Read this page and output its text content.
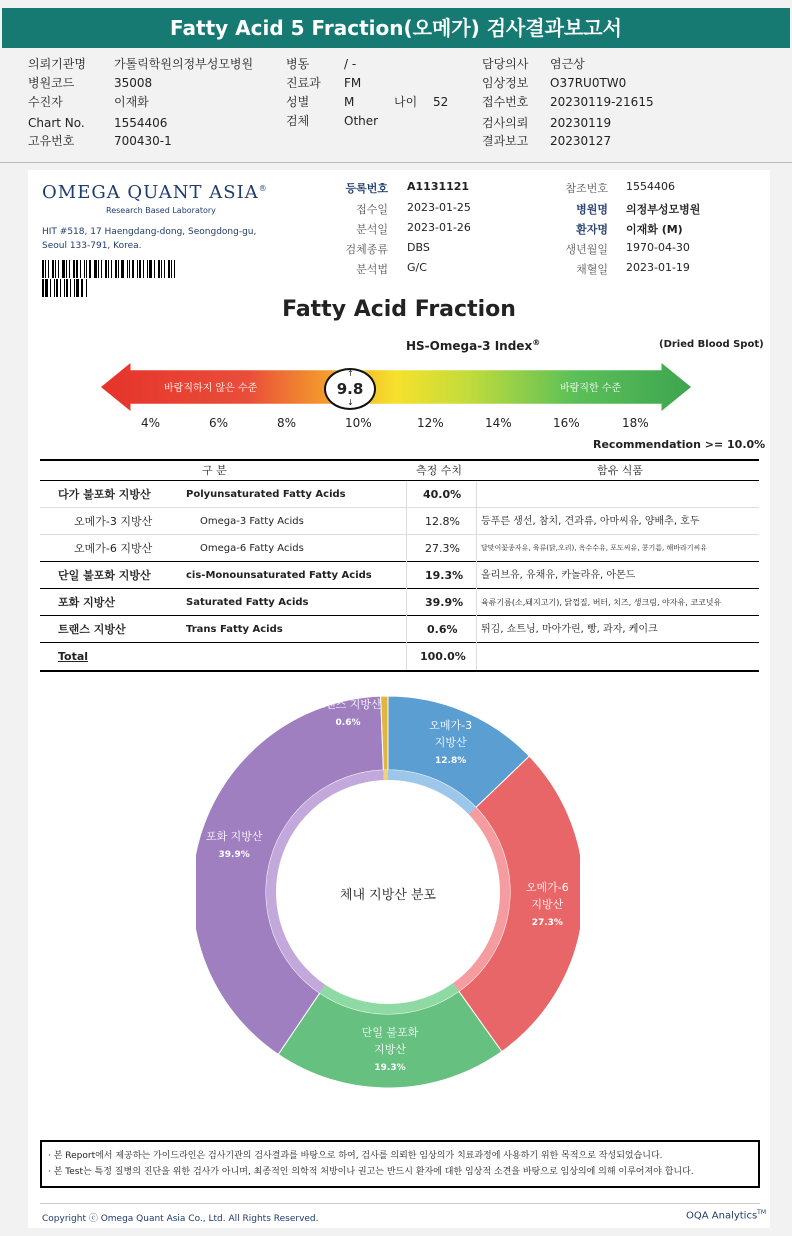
Fatty Acid 5 Fraction(오메가) 검사결과보고서
의뢰기관명 가톨릭학원의정부성모병원
병원코드	35008
수진자	이재화
Chart No. 1554406
고유번호	700430-1
병동	/ -
진료과 FM
성별	M	나이 52
검체	Other
담당의사 염근상
임상정보 O37RU0TW0
접수번호 20230119-21615
검사의뢰 20230119
결과보고 20230127
OMEGA QUANT ASIA®
Research Based Laboratory
HIT #518, 17 Haengdang-dong, Seongdong-gu,
Seoul 133-791, Korea.
등록번호 A1131121
접수일 2023-01-25
분석일 2023-01-26
검체종류 DBS
분석법 G/C
참조번호 1554406
병원명 의정부성모병원
환자명 이재화 (M)
생년월일 1970-04-30
채혈일 2023-01-19
Fatty Acid Fraction
HS-Omega-3 Index®	(Dried Blood Spot)
바람직하지 않은 수준	바람직한 수준
↑
9.8
↓
4%	6%	8%	10%	12%	14%	16%	18%
Recommendation >= 10.0%
구 분	측정 수치	함유 식품
다가 불포화 지방산	Polyunsaturated Fatty Acids	40.0%
오메가-3 지방산	Omega-3 Fatty Acids	12.8% 등푸른 생선, 참치, 견과류, 아마씨유, 양배추, 호두
오메가-6 지방산	Omega-6 Fatty Acids	27.3%	달맞이꽃종자유, 육류(닭,오리), 옥수수유, 포도씨유, 콩기름, 해바라기씨유
단일 불포화 지방산	cis-Monounsaturated Fatty Acids	19.3% 올리브유, 유채유, 카놀라유, 아몬드
포화 지방산	Saturated Fatty Acids	39.9% 육류기름(소,돼지고기), 닭껍질, 버터, 치즈, 생크림, 야자유, 코코넛유
트랜스 지방산	Trans Fatty Acids	0.6% 튀김, 쇼트닝, 마아가린, 빵, 과자, 케이크
Total	100.0%
오메가-3
지방산
12.8%
오메가-6
지방산
27.3%
단일 불포화
지방산
19.3%
포화 지방산
39.9%
트랜스 지방산
0.6%
체내 지방산 분포
· 본 Report에서 제공하는 가이드라인은 검사기관의 검사결과를 바탕으로 하여, 검사를 의뢰한 임상의가 치료과정에 사용하기 위한 목적으로 작성되었습니다.
· 본 Test는 특정 질병의 진단을 위한 검사가 아니며, 최종적인 의학적 처방이나 권고는 반드시 환자에 대한 임상적 소견을 바탕으로 임상의에 의해 이루어져야 합니다.
Copyright ⓒ Omega Quant Asia Co., Ltd. All Rights Reserved.	OQA Analytics™
